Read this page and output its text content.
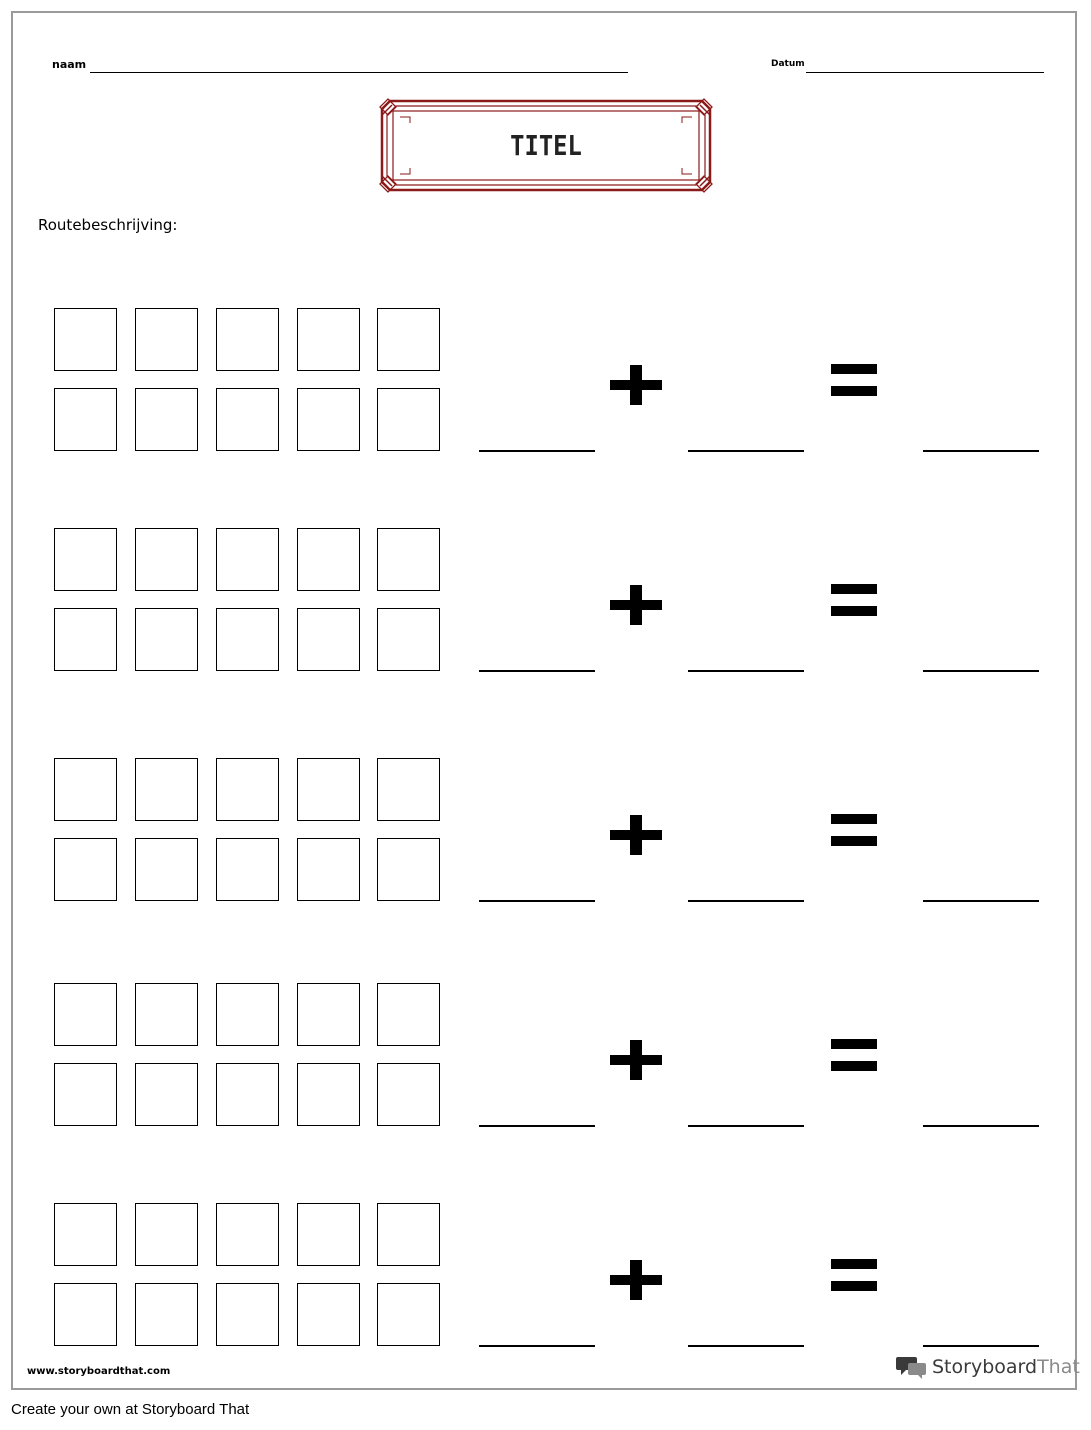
naam	Datum
TITEL
Routebeschrijving:
www.storyboardthat.com	StoryboardThat
Create your own at Storyboard That
